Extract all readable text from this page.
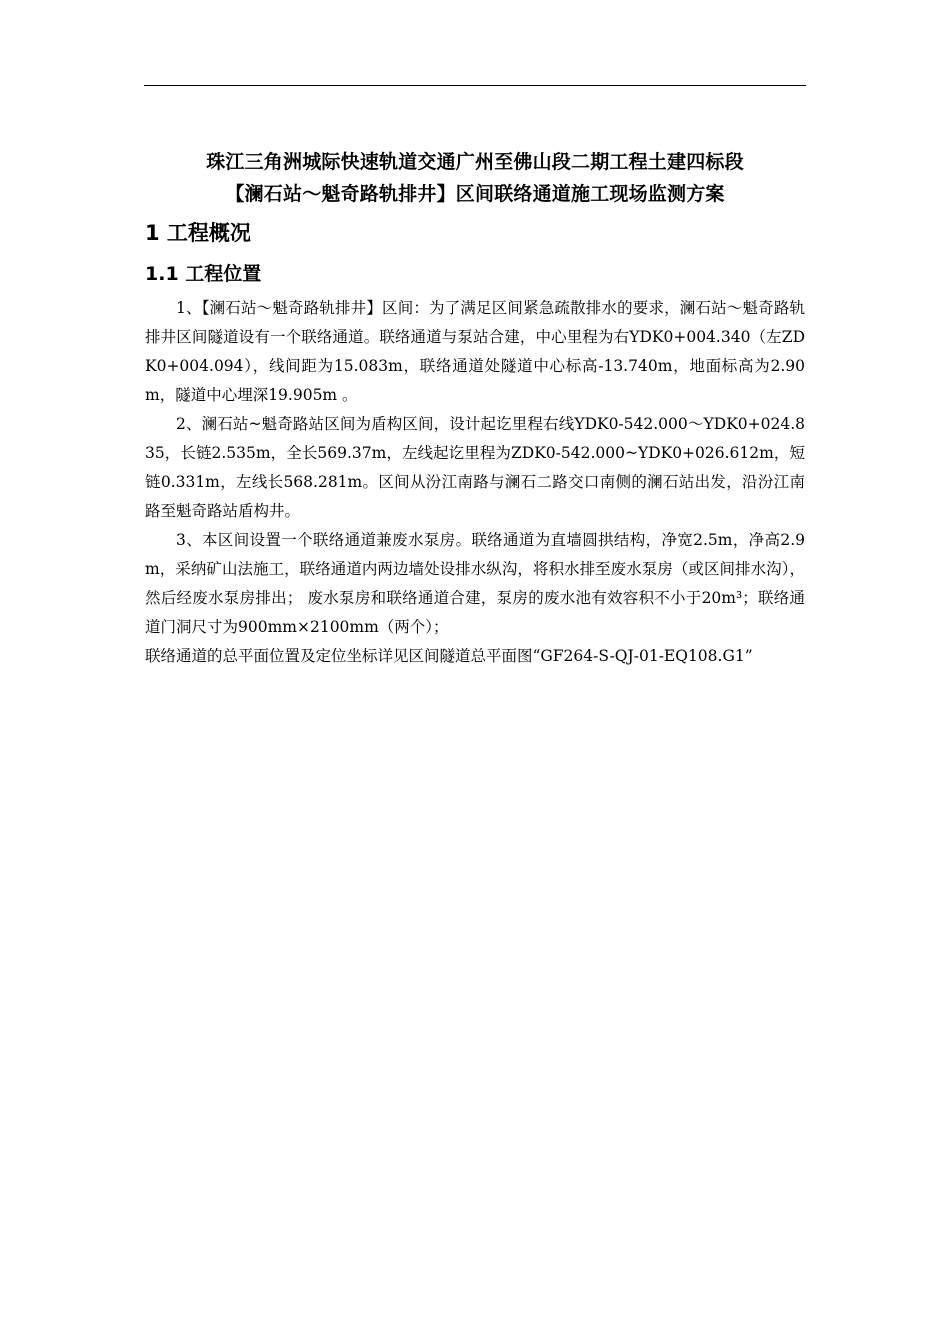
珠江三角洲城际快速轨道交通广州至佛山段二期工程土建四标段
【澜石站～魁奇路轨排井】区间联络通道施工现场监测方案
1 工程概况
1.1 工程位置

1、【澜石站～魁奇路轨排井】区间：为了满足区间紧急疏散排水的要求，澜石站～魁奇路轨排井区间隧道设有一个联络通道。联络通道与泵站合建，中心里程为右YDK0+004.340（左ZDK0+004.094），线间距为15.083m，联络通道处隧道中心标高-13.740m，地面标高为2.90m，隧道中心埋深19.905m 。

2、澜石站~魁奇路站区间为盾构区间，设计起讫里程右线YDK0-542.000～YDK0+024.835，长链2.535m，全长569.37m，左线起讫里程为ZDK0-542.000~YDK0+026.612m，短链0.331m，左线长568.281m。区间从汾江南路与澜石二路交口南侧的澜石站出发，沿汾江南路至魁奇路站盾构井。

3、本区间设置一个联络通道兼废水泵房。联络通道为直墙圆拱结构，净宽2.5m，净高2.9m，采纳矿山法施工，联络通道内两边墙处设排水纵沟，将积水排至废水泵房（或区间排水沟），然后经废水泵房排出； 废水泵房和联络通道合建，泵房的废水池有效容积不小于20m³；联络通道门洞尺寸为900mm×2100mm（两个）；

联络通道的总平面位置及定位坐标详见区间隧道总平面图“GF264-S-QJ-01-EQ108.G1”
